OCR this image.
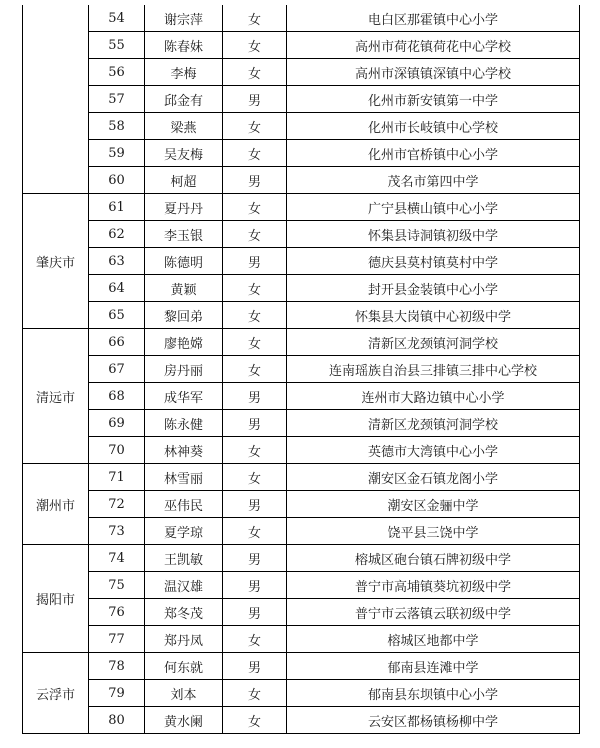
	54	谢宗萍	女	电白区那霍镇中心小学
	55	陈春妹	女	高州市荷花镇荷花中心学校
	56	李梅	女	高州市深镇镇深镇中心学校
	57	邱金有	男	化州市新安镇第一中学
	58	梁燕	女	化州市长岐镇中心学校
	59	吴友梅	女	化州市官桥镇中心小学
	60	柯超	男	茂名市第四中学
肇庆市	61	夏丹丹	女	广宁县横山镇中心小学
	62	李玉银	女	怀集县诗洞镇初级中学
	63	陈德明	男	德庆县莫村镇莫村中学
	64	黄颖	女	封开县金装镇中心小学
	65	黎回弟	女	怀集县大岗镇中心初级中学
清远市	66	廖艳嫦	女	清新区龙颈镇河洞学校
	67	房丹丽	女	连南瑶族自治县三排镇三排中心学校
	68	成华军	男	连州市大路边镇中心小学
	69	陈永健	男	清新区龙颈镇河洞学校
	70	林神葵	女	英德市大湾镇中心小学
潮州市	71	林雪丽	女	潮安区金石镇龙阁小学
	72	巫伟民	男	潮安区金骊中学
	73	夏学琼	女	饶平县三饶中学
揭阳市	74	王凯敏	男	榕城区砲台镇石牌初级中学
	75	温汉雄	男	普宁市高埔镇葵坑初级中学
	76	郑冬茂	男	普宁市云落镇云联初级中学
	77	郑丹凤	女	榕城区地都中学
云浮市	78	何东就	男	郁南县连滩中学
	79	刘本	女	郁南县东坝镇中心小学
	80	黄水阑	女	云安区都杨镇杨柳中学
